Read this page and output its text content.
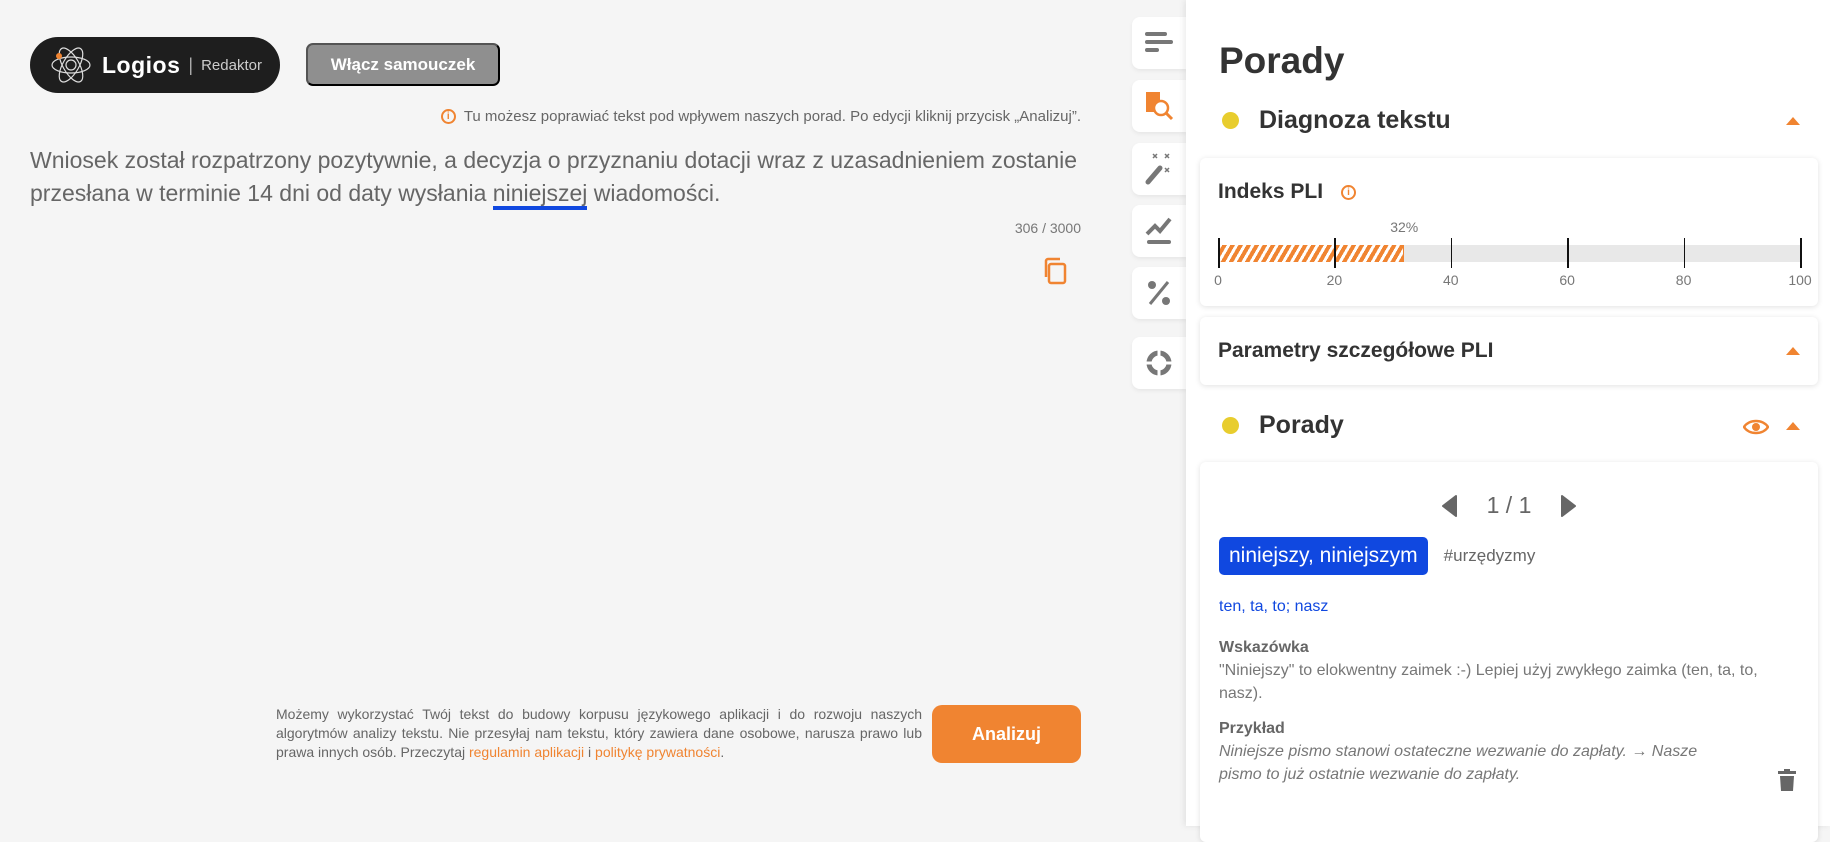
Logios | Redaktor	Włącz samouczek
i Tu możesz poprawiać tekst pod wpływem naszych porad. Po edycji kliknij przycisk „Analizuj”.
Wniosek został rozpatrzony pozytywnie, a decyzja o przyznaniu dotacji wraz z uzasadnieniem zostanie przesłana w terminie 14 dni od daty wysłania niniejszej wiadomości.
306 / 3000
Możemy wykorzystać Twój tekst do budowy korpusu językowego aplikacji i do rozwoju naszych algorytmów analizy tekstu. Nie przesyłaj nam tekstu, który zawiera dane osobowe, narusza prawo lub prawa innych osób. Przeczytaj regulamin aplikacji i politykę prywatności.
Analizuj
Porady
Diagnoza tekstu
Indeks PLI	i
32%
0	20	40	60	80	100
Parametry szczegółowe PLI
Porady
1 / 1
niniejszy, niniejszym	#urzędyzmy
ten, ta, to; nasz
Wskazówka
"Niniejszy" to elokwentny zaimek :-) Lepiej użyj zwykłego zaimka (ten, ta, to, nasz).
Przykład
Niniejsze pismo stanowi ostateczne wezwanie do zapłaty. → Nasze pismo to już ostatnie wezwanie do zapłaty.
